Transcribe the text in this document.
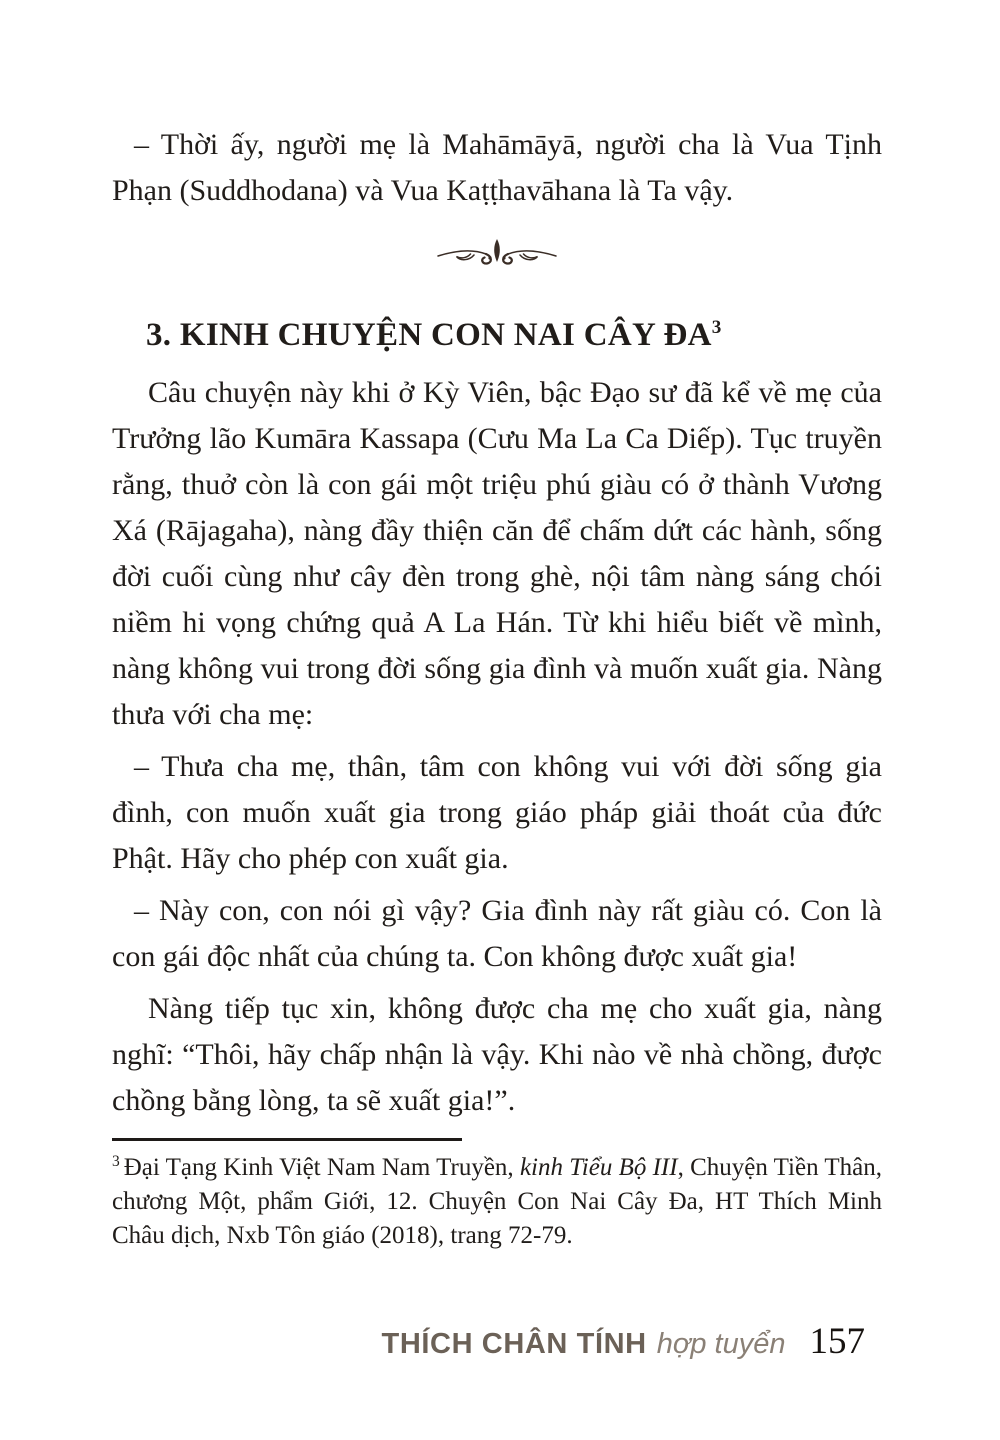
– Thời ấy, người mẹ là Mahāmāyā, người cha là Vua Tịnh Phạn (Suddhodana) và Vua Kaṭṭhavāhana là Ta vậy.

3. KINH CHUYỆN CON NAI CÂY $ĐA^3$

Câu chuyện này khi ở Kỳ Viên, bậc Đạo sư đã kể về mẹ của Trưởng lão Kumāra Kassapa (Cưu Ma La Ca Diếp). Tục truyền rằng, thuở còn là con gái một triệu phú giàu có ở thành Vương Xá (Rājagaha), nàng đầy thiện căn để chấm dứt các hành, sống đời cuối cùng như cây đèn trong ghè, nội tâm nàng sáng chói niềm hi vọng chứng quả A La Hán. Từ khi hiểu biết về mình, nàng không vui trong đời sống gia đình và muốn xuất gia. Nàng thưa với cha mẹ:

– Thưa cha mẹ, thân, tâm con không vui với đời sống gia đình, con muốn xuất gia trong giáo pháp giải thoát của đức Phật. Hãy cho phép con xuất gia.

– Này con, con nói gì vậy? Gia đình này rất giàu có. Con là con gái độc nhất của chúng ta. Con không được xuất gia!

Nàng tiếp tục xin, không được cha mẹ cho xuất gia, nàng nghĩ: “Thôi, hãy chấp nhận là vậy. Khi nào về nhà chồng, được chồng bằng lòng, ta sẽ xuất gia!”.

$^3$ Đại Tạng Kinh Việt Nam Nam Truyền, kinh Tiểu Bộ III, Chuyện Tiền Thân, chương Một, phẩm Giới, 12. Chuyện Con Nai Cây Đa, HT Thích Minh Châu dịch, Nxb Tôn giáo (2018), trang 72-79.

THÍCH CHÂN TÍNH hợp tuyển 157
